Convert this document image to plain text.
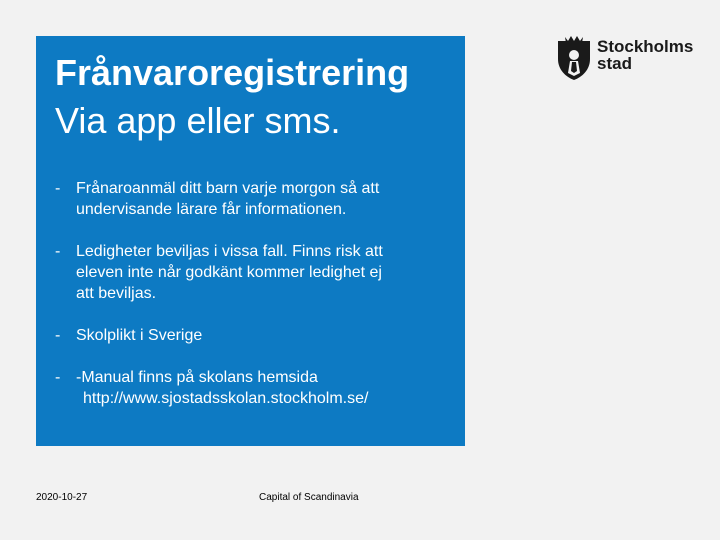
Frånvaroregistrering
Via app eller sms.
- Frånaroanmäl ditt barn varje morgon så att
undervisande lärare får informationen.
- Ledigheter beviljas i vissa fall. Finns risk att
eleven inte når godkänt kommer ledighet ej
att beviljas.
- Skolplikt i Sverige
- -Manual finns på skolans hemsida
http://www.sjostadsskolan.stockholm.se/
Stockholms
stad
2020-10-27	Capital of Scandinavia
